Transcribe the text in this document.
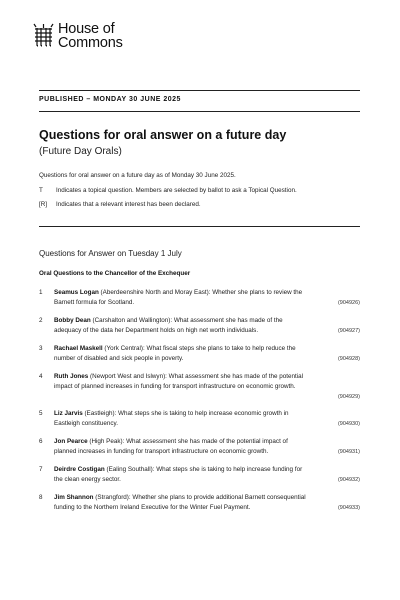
House of
Commons
PUBLISHED – MONDAY 30 JUNE 2025
Questions for oral answer on a future day
(Future Day Orals)
Questions for oral answer on a future day as of Monday 30 June 2025.
T	Indicates a topical question. Members are selected by ballot to ask a Topical Question.
[R]	Indicates that a relevant interest has been declared.
Questions for Answer on Tuesday 1 July
Oral Questions to the Chancellor of the Exchequer
1 Seamus Logan (Aberdeenshire North and Moray East): Whether she plans to review the
Barnett formula for Scotland.	(904926)
2 Bobby Dean (Carshalton and Wallington): What assessment she has made of the
adequacy of the data her Department holds on high net worth individuals.	(904927)
3 Rachael Maskell (York Central): What fiscal steps she plans to take to help reduce the
number of disabled and sick people in poverty.	(904928)
4 Ruth Jones (Newport West and Islwyn): What assessment she has made of the potential
impact of planned increases in funding for transport infrastructure on economic growth.
(904929)
5 Liz Jarvis (Eastleigh): What steps she is taking to help increase economic growth in
Eastleigh constituency.	(904930)
6 Jon Pearce (High Peak): What assessment she has made of the potential impact of
planned increases in funding for transport infrastructure on economic growth.	(904931)
7 Deirdre Costigan (Ealing Southall): What steps she is taking to help increase funding for
the clean energy sector.	(904932)
8 Jim Shannon (Strangford): Whether she plans to provide additional Barnett consequential
funding to the Northern Ireland Executive for the Winter Fuel Payment.	(904933)
